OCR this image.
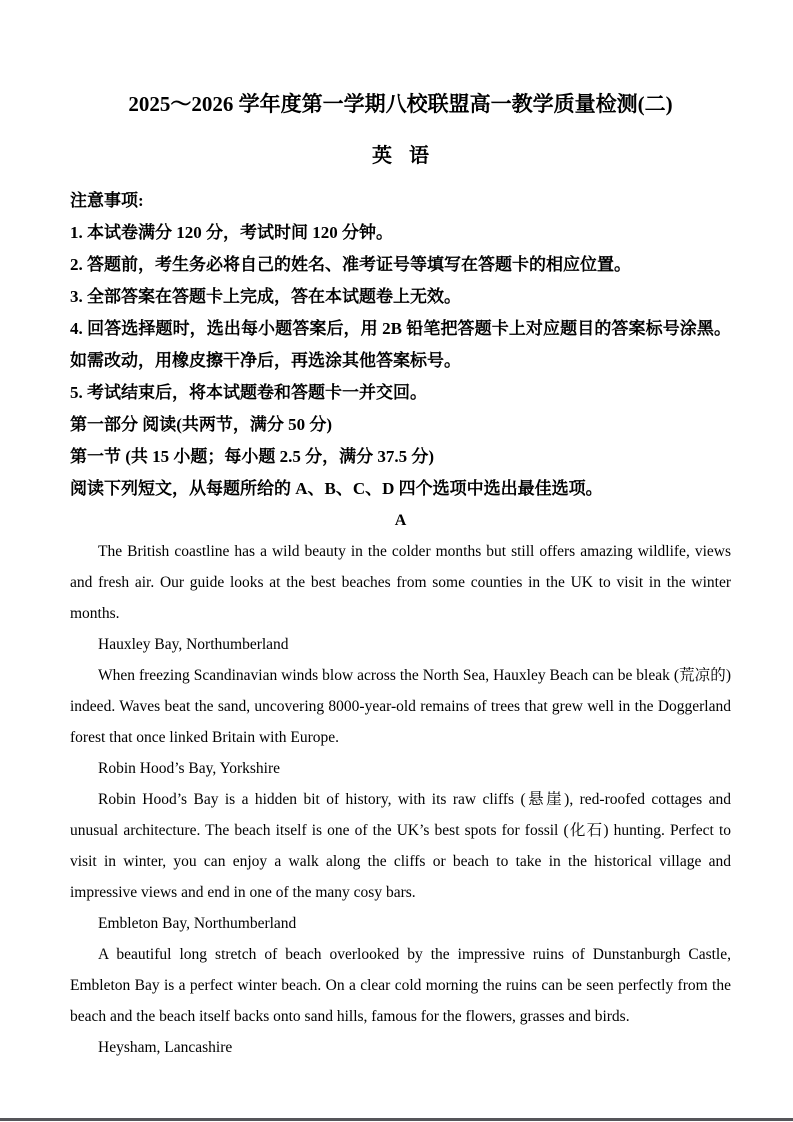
2025～2026 学年度第一学期八校联盟高一教学质量检测(二)
英 语

注意事项:

1. 本试卷满分 120 分，考试时间 120 分钟。

2. 答题前，考生务必将自己的姓名、准考证号等填写在答题卡的相应位置。

3. 全部答案在答题卡上完成，答在本试题卷上无效。

4. 回答选择题时，选出每小题答案后，用 2B 铅笔把答题卡上对应题目的答案标号涂黑。如需改动，用橡皮擦干净后，再选涂其他答案标号。

5. 考试结束后，将本试题卷和答题卡一并交回。

第一部分 阅读(共两节，满分 50 分)

第一节 (共 15 小题；每小题 2.5 分，满分 37.5 分)

阅读下列短文，从每题所给的 A、B、C、D 四个选项中选出最佳选项。

A

The British coastline has a wild beauty in the colder months but still offers amazing wildlife, views and fresh air. Our guide looks at the best beaches from some counties in the UK to visit in the winter months.

Hauxley Bay, Northumberland

When freezing Scandinavian winds blow across the North Sea, Hauxley Beach can be bleak (荒凉的) indeed. Waves beat the sand, uncovering 8000-year-old remains of trees that grew well in the Doggerland forest that once linked Britain with Europe.

Robin Hood’s Bay, Yorkshire

Robin Hood’s Bay is a hidden bit of history, with its raw cliffs (悬崖), red-roofed cottages and unusual architecture. The beach itself is one of the UK’s best spots for fossil (化石) hunting. Perfect to visit in winter, you can enjoy a walk along the cliffs or beach to take in the historical village and impressive views and end in one of the many cosy bars.

Embleton Bay, Northumberland

A beautiful long stretch of beach overlooked by the impressive ruins of Dunstanburgh Castle, Embleton Bay is a perfect winter beach. On a clear cold morning the ruins can be seen perfectly from the beach and the beach itself backs onto sand hills, famous for the flowers, grasses and birds.

Heysham, Lancashire
